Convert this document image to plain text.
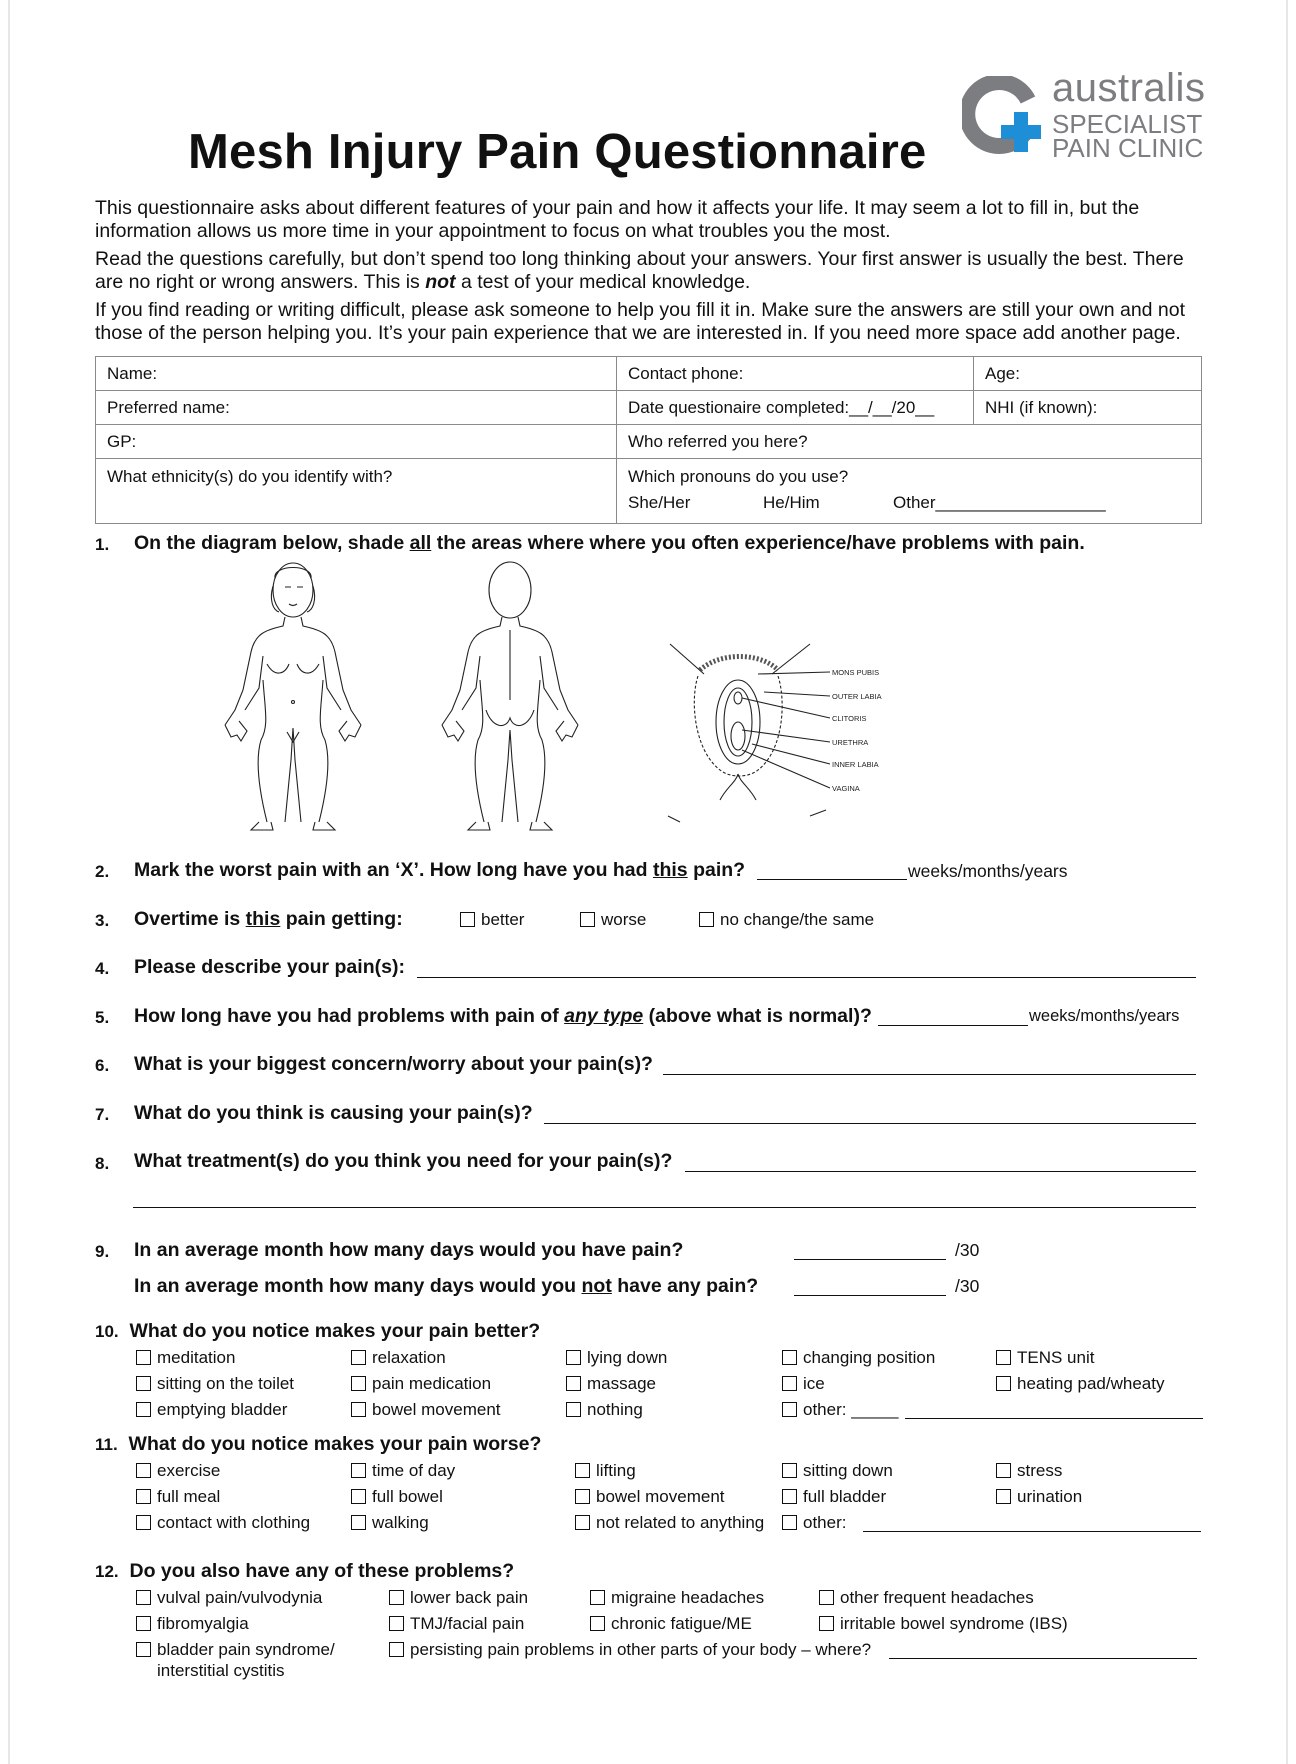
Mesh Injury Pain Questionnaire
australis
SPECIALIST
PAIN CLINIC
This questionnaire asks about different features of your pain and how it affects your life. It may seem a lot to fill in, but the information allows us more time in your appointment to focus on what troubles you the most.
Read the questions carefully, but don’t spend too long thinking about your answers. Your first answer is usually the best. There are no right or wrong answers. This is not a test of your medical knowledge.
If you find reading or writing difficult, please ask someone to help you fill it in. Make sure the answers are still your own and not those of the person helping you. It’s your pain experience that we are interested in. If you need more space add another page.
Name:	Contact phone:	Age:
Preferred name:	Date questionaire completed:__/__/20__	NHI (if known):
GP:	Who referred you here?	
What ethnicity(s) do you identify with?	Which pronouns do you use?
She/Her He/Him Other__________________	
1. On the diagram below, shade all the areas where where you often experience/have problems with pain.
MONS PUBIS
OUTER LABIA
CLITORIS
URETHRA
INNER LABIA
VAGINA
2. Mark the worst pain with an ‘X’. How long have you had this pain?	weeks/months/years
3. Overtime is this pain getting:	better	worse	no change/the same
4. Please describe your pain(s):
5. How long have you had problems with pain of any type (above what is normal)?	weeks/months/years
6. What is your biggest concern/worry about your pain(s)?
7. What do you think is causing your pain(s)?
8. What treatment(s) do you think you need for your pain(s)?
9. In an average month how many days would you have pain?	/30
In an average month how many days would you not have any pain?	/30
10. What do you notice makes your pain better?
meditation	relaxation	lying down	changing position	TENS unit
sitting on the toilet	pain medication	massage	ice	heating pad/wheaty
emptying bladder	bowel movement	nothing	other: _____
11. What do you notice makes your pain worse?
exercise	time of day	lifting	sitting down	stress
full meal	full bowel	bowel movement	full bladder	urination
contact with clothing	walking	not related to anything	other:
12. Do you also have any of these problems?
vulval pain/vulvodynia	lower back pain	migraine headaches	other frequent headaches
fibromyalgia	TMJ/facial pain	chronic fatigue/ME	irritable bowel syndrome (IBS)
bladder pain syndrome/
interstitial cystitis
persisting pain problems in other parts of your body – where?
